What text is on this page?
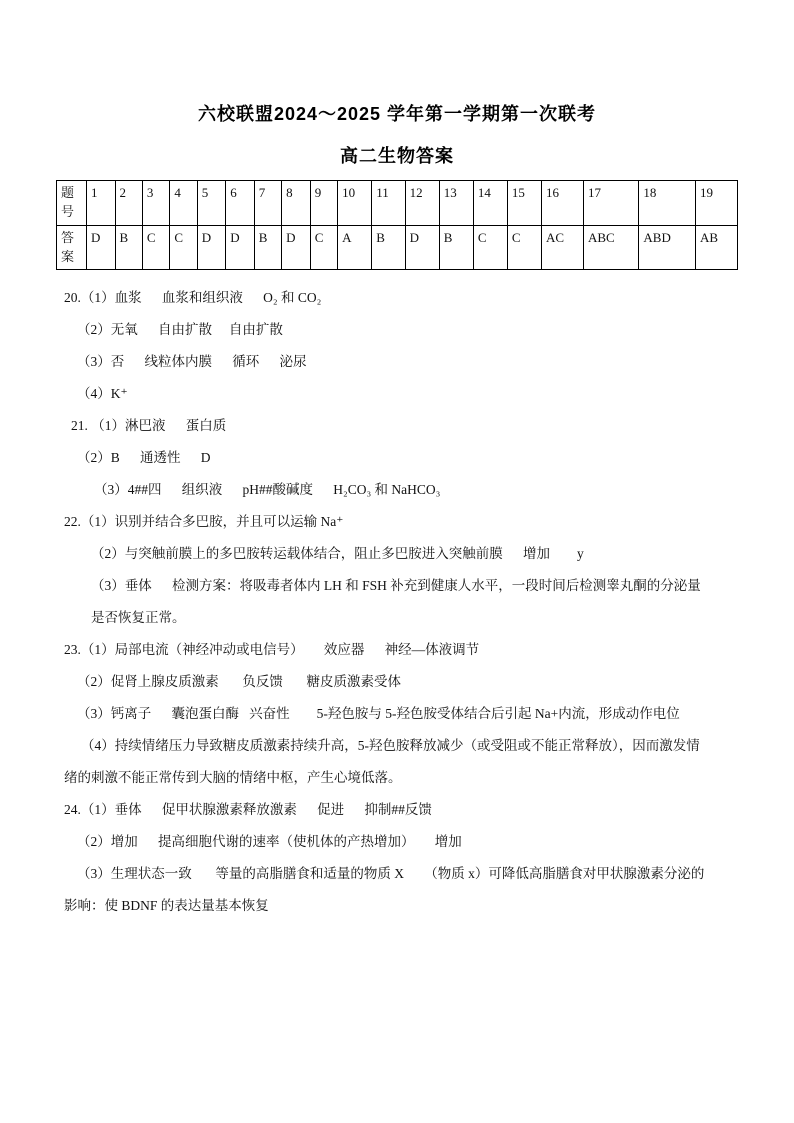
六校联盟2024～2025 学年第一学期第一次联考
高二生物答案
题号	1	2	3	4	5	6	7	8	9	10	11	12	13	14	15	16	17	18	19
答案	D	B	C	C	D	D	B	D	C	A	B	D	B	C	C	AC	ABC	ABD	AB

20.（1）血浆      血浆和组织液      O₂ 和 CO₂

（2）无氧      自由扩散     自由扩散

（3）否      线粒体内膜      循环      泌尿

（4）K⁺

21. （1）淋巴液      蛋白质

（2）B      通透性      D

（3）4##四      组织液      pH##酸碱度      H₂CO₃ 和 NaHCO₃

22.（1）识别并结合多巴胺，并且可以运输 Na⁺

（2）与突触前膜上的多巴胺转运载体结合，阻止多巴胺进入突触前膜      增加        y

（3）垂体      检测方案：将吸毒者体内 LH 和 FSH 补充到健康人水平，一段时间后检测睾丸酮的分泌量

是否恢复正常。

23.（1）局部电流（神经冲动或电信号）      效应器      神经—体液调节

（2）促肾上腺皮质激素       负反馈       糖皮质激素受体

（3）钙离子      囊泡蛋白酶   兴奋性        5-羟色胺与 5-羟色胺受体结合后引起 Na+内流，形成动作电位

（4）持续情绪压力导致糖皮质激素持续升高，5-羟色胺释放减少（或受阻或不能正常释放），因而激发情

绪的刺激不能正常传到大脑的情绪中枢，产生心境低落。

24.（1）垂体      促甲状腺激素释放激素      促进      抑制##反馈

（2）增加      提高细胞代谢的速率（使机体的产热增加）      增加

（3）生理状态一致       等量的高脂膳食和适量的物质 X      （物质 x）可降低高脂膳食对甲状腺激素分泌的

影响：使 BDNF 的表达量基本恢复
